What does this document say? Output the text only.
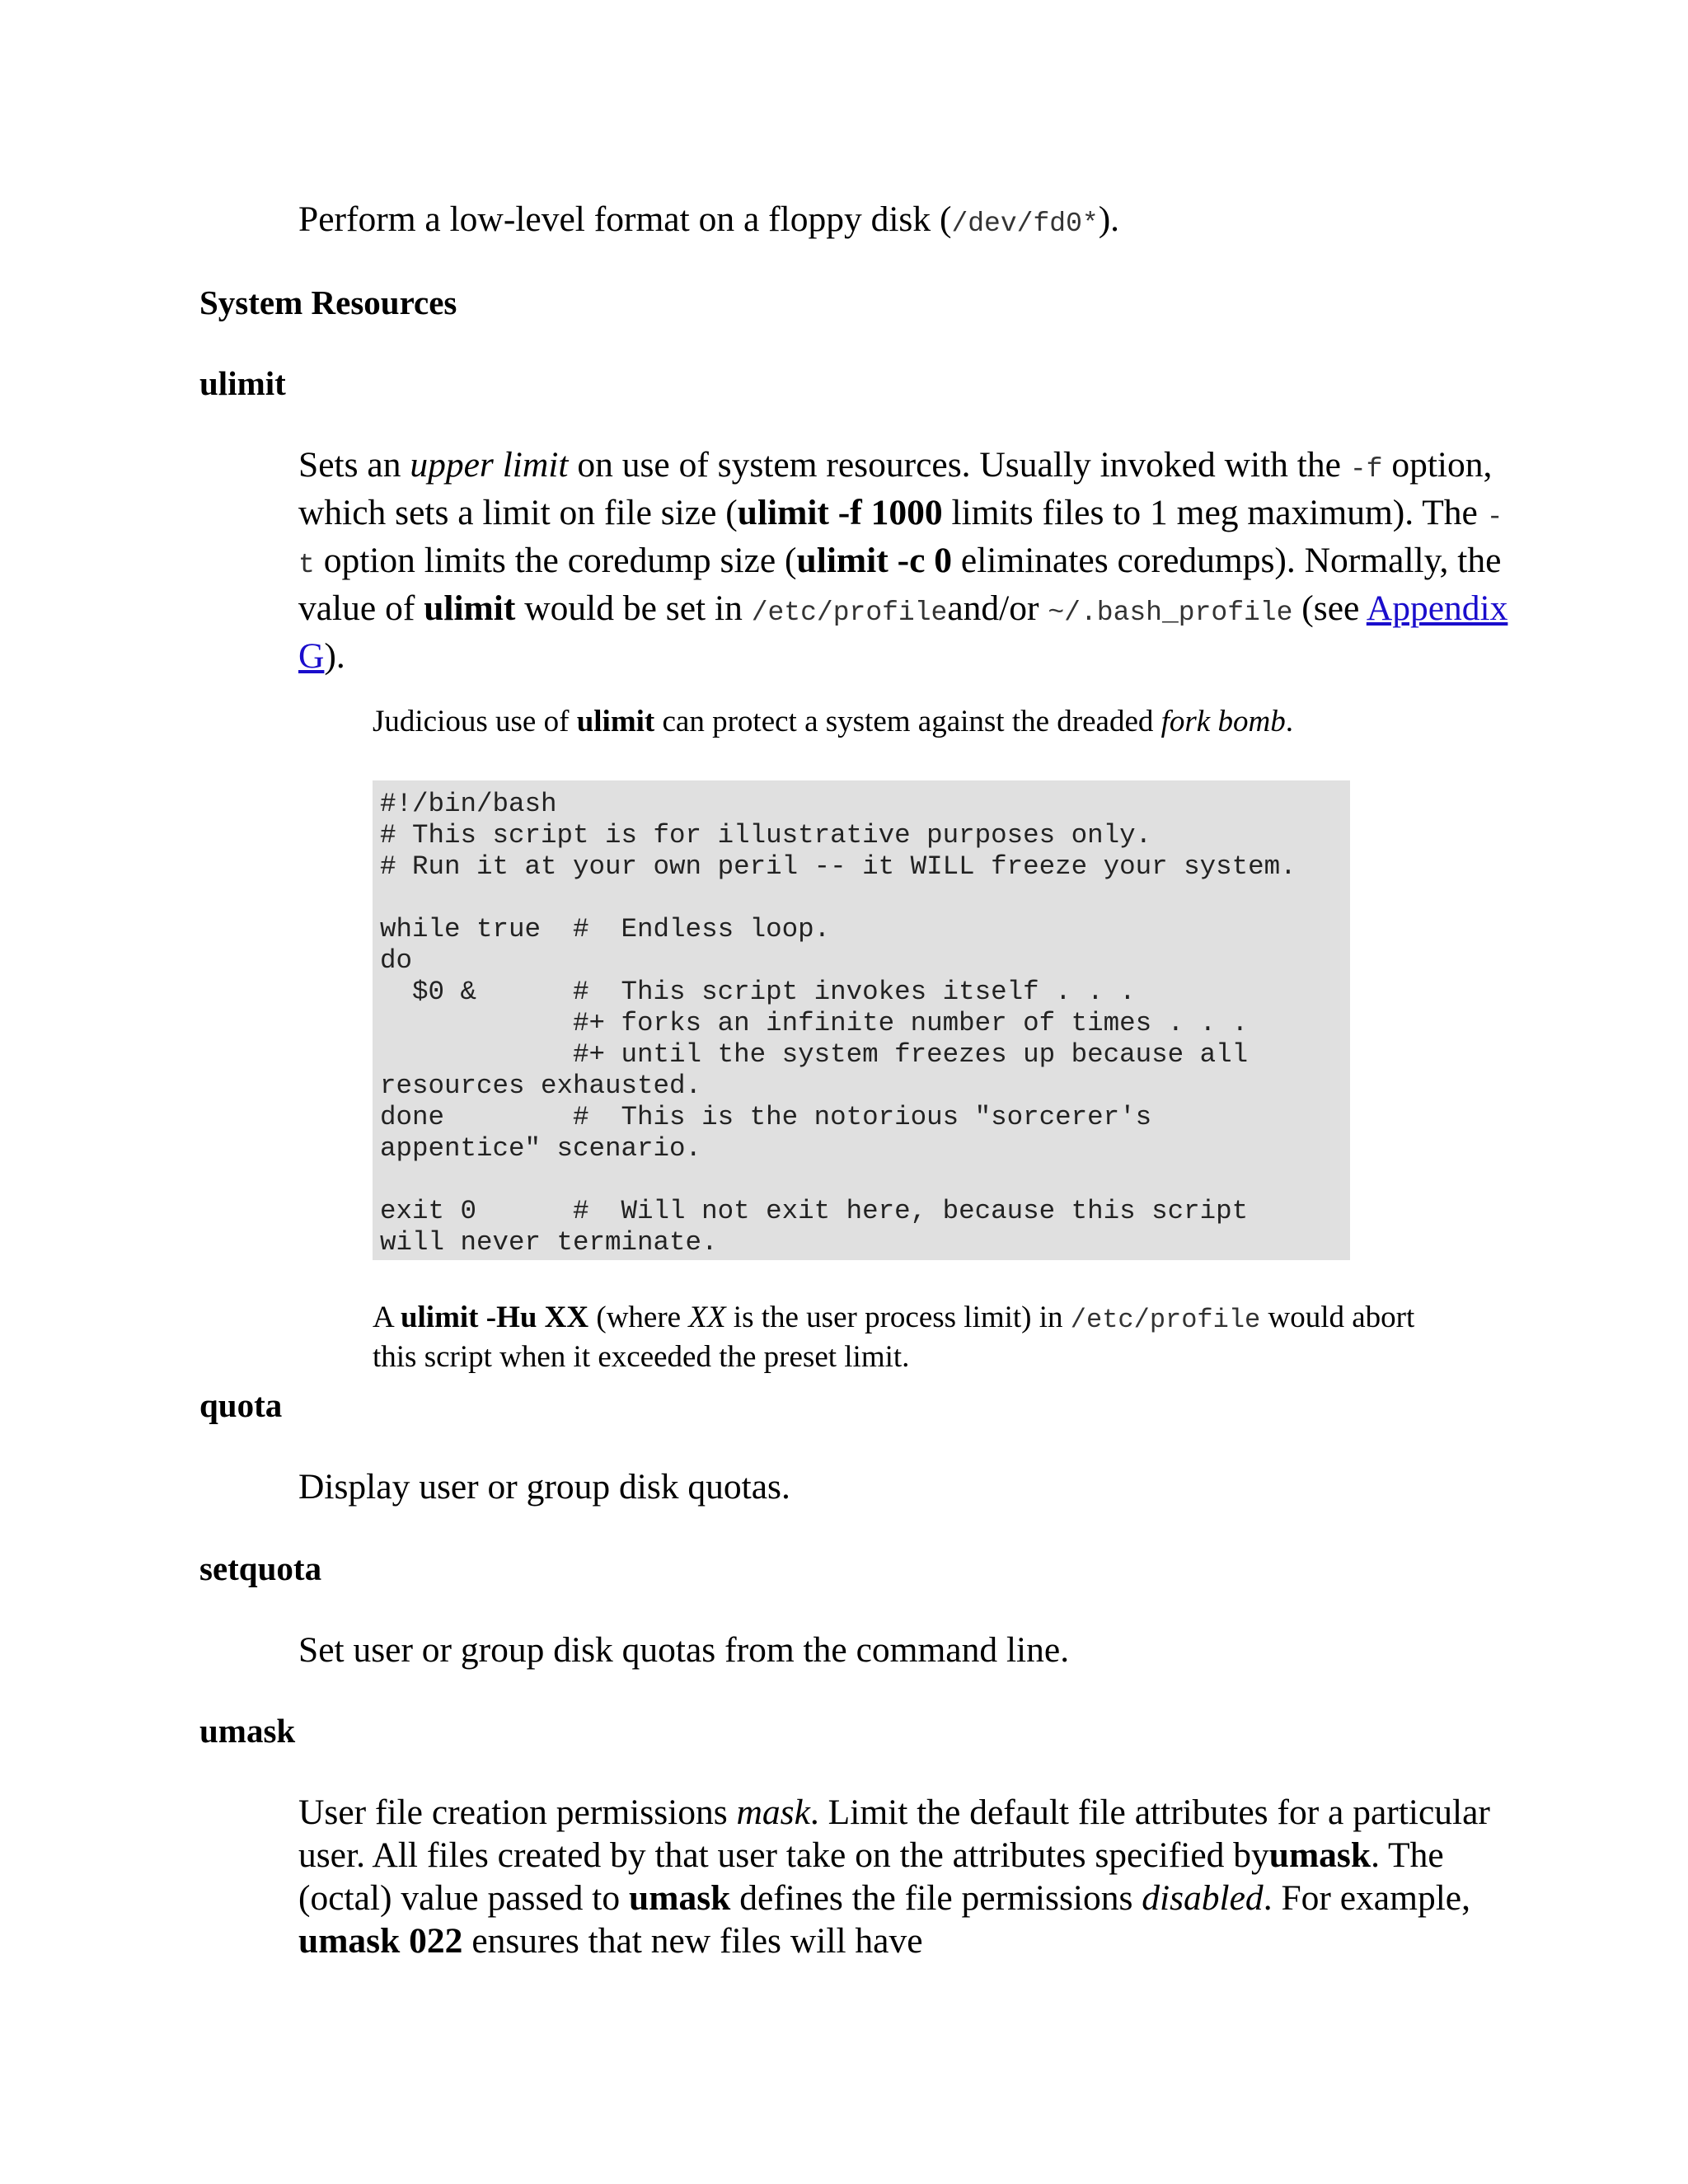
Perform a low-level format on a floppy disk (/dev/fd0*).

System Resources
ulimit

Sets an upper limit on use of system resources. Usually invoked with the -f option, which sets a limit on file size (ulimit -f 1000 limits files to 1 meg maximum). The -t option limits the coredump size (ulimit -c 0 eliminates coredumps). Normally, the value of ulimit would be set in /etc/profileand/or ~/.bash_profile (see Appendix G).

Judicious use of ulimit can protect a system against the dreaded fork bomb.

#!/bin/bash
# This script is for illustrative purposes only.
# Run it at your own peril -- it WILL freeze your system.

while true  #  Endless loop.
do
$0 &      #  This script invokes itself . . .
#+ forks an infinite number of times . . .
#+ until the system freezes up because all
resources exhausted.
done        #  This is the notorious "sorcerer's
appentice" scenario.

exit 0      #  Will not exit here, because this script
will never terminate.

A ulimit -Hu XX (where XX is the user process limit) in /etc/profile would abort this script when it exceeded the preset limit.

quota

Display user or group disk quotas.

setquota

Set user or group disk quotas from the command line.

umask

User file creation permissions mask. Limit the default file attributes for a particular user. All files created by that user take on the attributes specified byumask. The (octal) value passed to umask defines the file permissions disabled. For example, umask 022 ensures that new files will have
